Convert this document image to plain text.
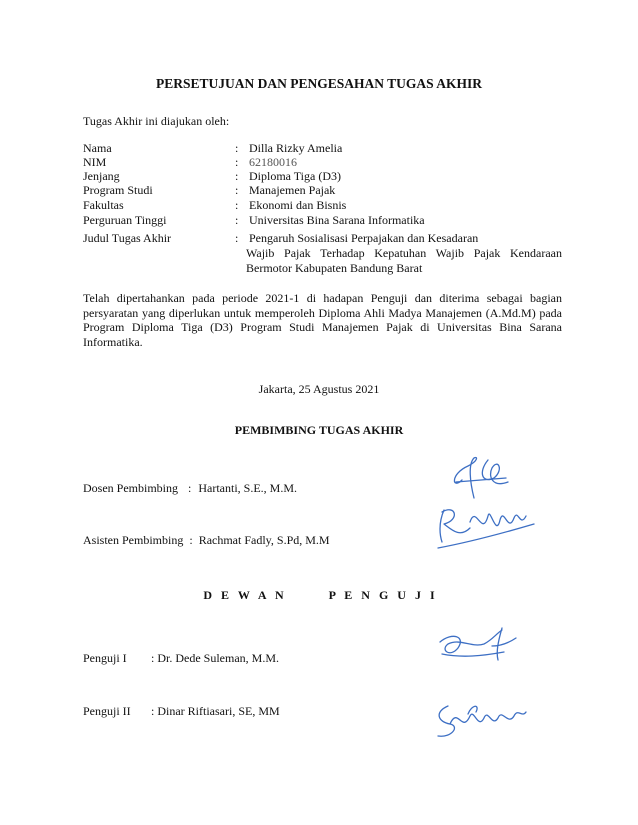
PERSETUJUAN DAN PENGESAHAN TUGAS AKHIR
Tugas Akhir ini diajukan oleh:
Nama	: Dilla Rizky Amelia
NIM	: 62180016
Jenjang	: Diploma Tiga (D3)
Program Studi	: Manajemen Pajak
Fakultas	: Ekonomi dan Bisnis
Perguruan Tinggi	: Universitas Bina Sarana Informatika
Judul Tugas Akhir	: Pengaruh Sosialisasi Perpajakan dan Kesadaran
Wajib Pajak Terhadap Kepatuhan Wajib Pajak Kendaraan Bermotor Kabupaten Bandung Barat
Telah dipertahankan pada periode 2021-1 di hadapan Penguji dan diterima sebagai bagian persyaratan yang diperlukan untuk memperoleh Diploma Ahli Madya Manajemen (A.Md.M) pada Program Diploma Tiga (D3) Program Studi Manajemen Pajak di Universitas Bina Sarana Informatika.
Jakarta, 25 Agustus 2021
PEMBIMBING TUGAS AKHIR
Dosen Pembimbing : Hartanti, S.E., M.M.
Asisten Pembimbing : Rachmat Fadly, S.Pd, M.M
D E W A N     P E N G U J I
Penguji I : Dr. Dede Suleman, M.M.
Penguji II : Dinar Riftiasari, SE, MM
